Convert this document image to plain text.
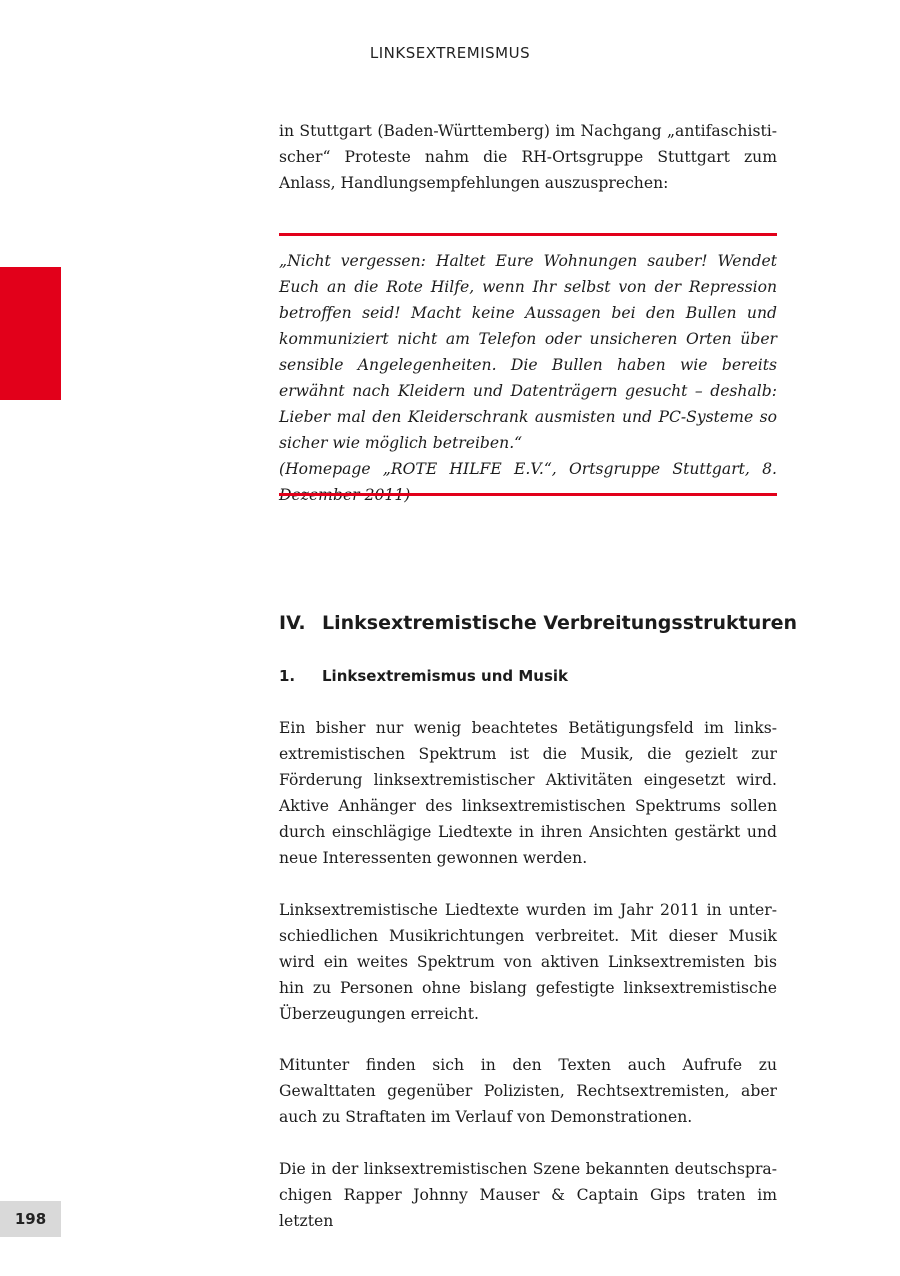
LINKSEXTREMISMUS

in Stuttgart (Baden-Württemberg) im Nachgang „antifaschistischer“ Proteste nahm die RH-Ortsgruppe Stuttgart zum Anlass, Handlungsempfehlungen auszusprechen:

„Nicht vergessen: Haltet Eure Wohnungen sauber! Wendet Euch an die Rote Hilfe, wenn Ihr selbst von der Repression betroffen seid! Macht keine Aussagen bei den Bullen und kommuniziert nicht am Telefon oder unsicheren Orten über sensible Angelegenheiten. Die Bullen haben wie bereits erwähnt nach Kleidern und Datenträgern gesucht – deshalb: Lieber mal den Kleiderschrank ausmisten und PC-Systeme so sicher wie möglich betreiben.“

(Homepage „ROTE HILFE E.V.“, Ortsgruppe Stuttgart, 8.

IV. Linksextremistische Verbreitungsstrukturen
1. Linksextremismus und Musik

Ein bisher nur wenig beachtetes Betätigungsfeld im linksextremistischen Spektrum ist die Musik, die gezielt zur Förderung linksextremistischer Aktivitäten eingesetzt wird. Aktive Anhänger des linksextremistischen Spektrums sollen durch einschlägige Liedtexte in ihren Ansichten gestärkt und neue Interessenten gewonnen werden.

Linksextremistische Liedtexte wurden im Jahr 2011 in unterschiedlichen Musikrichtungen verbreitet. Mit dieser Musik wird ein weites Spektrum von aktiven Linksextremisten bis hin zu Personen ohne bislang gefestigte linksextremistische Überzeugungen erreicht.

Mitunter finden sich in den Texten auch Aufrufe zu Gewalttaten gegenüber Polizisten, Rechtsextremisten, aber auch zu Straftaten im Verlauf von Demonstrationen.

Die in der linksextremistischen Szene bekannten deutschsprachigen Rapper Johnny Mauser & Captain Gips traten im letzten

198
